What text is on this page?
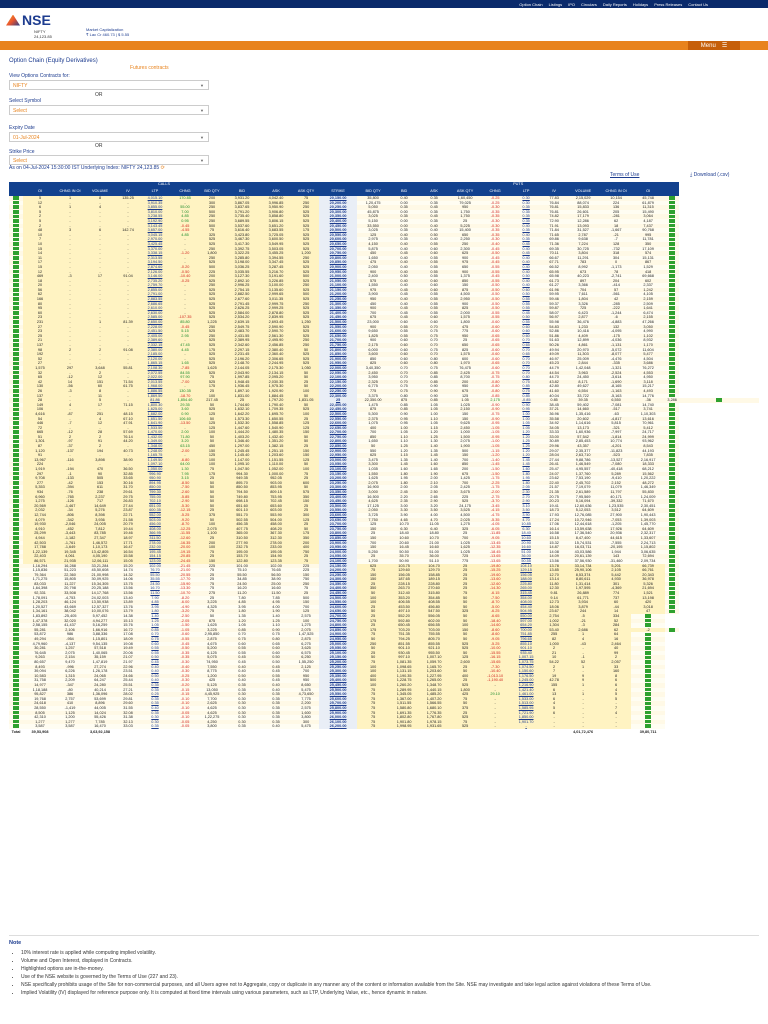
Option Chain Listings IPO Circulars Daily Reports Holidays Press Releases Contact Us
NSE
NIFTY
24,123.85
Market Capitalization
₹ Lac Cr 460.73 | $ 5.55
Menu ☰
Option Chain (Equity Derivatives)
Futures contracts
View Options Contracts for:
NIFTY	▼
OR
Select Symbol
Select	▼
Expiry Date
01-Jul-2024	▼
OR
Strike Price
Select	▼
As on 04-Jul-2024 15:30:00 IST Underlying Index: NIFTY 24,123.85 ⟳
Terms of Use	⤓ Download (.csv)
CALLS												PUTS											
	OI	CHNG IN OI	VOLUME	IV	LTP	CHNG	BID QTY	BID	ASK	ASK QTY	STRIKE	BID QTY	BID	ASK	ASK QTY	CHNG	LTP	IV	VOLUME	CHNG IN OI	OI		
	5	1	8	135.25	4,015.10	170.85	200	3,931.20	4,042.40	75	20,150.00	35,800	0.40	0.35	1,60,450	-0.25	0.30	77.83	2,15,029	10,154	45,748		
	12	-	-	-	3,910.35	-	300	3,867.05	3,996.85	250	20,200.00	1,20,475	0.00	0.35	79,025	-0.25	0.30	76.84	88,074	224	61,879		
	6	1	4	-	3,855.00	55.00	250	3,837.65	3,950.90	250	20,250.00	5,050	0.35	0.45	950	-0.30	0.35	76.81	15,833	136	11,315		
	5	-	-	-	3,810.00	7.00	500	3,791.20	3,906.80	525	20,300.00	45,875	0.00	0.35	1,750	-0.35	0.35	76.81	26,601	205	15,490		
	2	-	-	-	3,238.55	4.85	250	3,735.40	3,858.80	525	20,350.00	3,025	0.35	0.45	1,750	-0.35	0.35	74.82	17,179	-281	3,064		
	5	-	-	-	3,192.90	0.95	250	3,689.55	3,806.15	525	20,400.00	5,150	0.00	0.35	25	-0.30	0.35	72.90	12,286	62	4,187		
	2	-	-	-	3,143.45	-0.45	500	3,537.60	3,651.20	525	20,450.00	33,550	0.00	0.40	5,225	-0.30	0.40	71.91	13,093	18	7,437		
	48	3	6	142.74	3,657.00	-4.55	75	3,616.40	3,683.55	175	20,500.00	3,025	0.35	0.40	15,400	-0.35	0.35	71.84	31,527	-1,667	90,768		
	10	-	-	-	3,045.15	4.85	325	3,423.80	3,725.05	525	20,550.00	125	0.40	0.50	650	-0.35	0.40	71.65	2,787	-21	995		
	7	-	-	-	2,970.00	-	525	3,467.30	3,600.50	525	20,600.00	2,975	0.35	0.40	2,250	-0.30	0.35	69.86	9,638	-7	11,781		
	10	-	-	-	3,425.45	-	525	3,417.30	3,549.95	525	20,650.00	4,150	0.40	0.55	250	-0.40	0.45	71.36	7,224	128	350		
	15	-	-	-	3,370.00	-	250	3,392.75	3,503.05	525	20,700.00	5,875	0.40	0.60	2,300	-0.45	0.40	69.35	30,725	-732	17,109		
	14	-	-	-	3,338.15	-1.20	1,800	3,322.25	3,455.25	1,200	20,750.00	450	0.45	0.60	625	-0.50	0.45	70.11	3,804	318	574		
	11	-	-	-	2,313.55	-	250	3,285.80	3,394.55	250	20,800.00	1,650	0.40	0.55	900	-0.45	0.40	66.67	11,291	304	15,131		
	17	-	-	-	3,194.50	-	525	3,198.00	3,347.45	525	20,850.00	475	0.40	0.55	975	-0.45	0.40	67.71	783	0	867		
	15	-	-	-	2,874.60	-0.20	500	3,036.25	3,287.45	525	20,900.00	2,050	0.40	0.55	650	-0.55	0.40	66.52	8,992	-1,173	1,529		
	12	-	-	-	2,126.00	-0.50	225	3,035.55	3,216.70	525	20,950.00	900	0.40	0.55	900	-0.55	0.40	65.95	673	78	418		
	469	-3	17	91.04	3,146.00	-10.40	200	3,127.30	3,191.60	500	21,000.00	2,400	0.50	0.55	1,375	-0.45	0.50	65.98	40,223	-2,741	69,668		
	18	-	-	-	2,735.20	-0.25	525	2,892.10	3,226.85	525	21,050.00	575	0.40	0.60	850	-0.55	0.40	61.73	897	204	602		
	20	-	-	-	2,759.70	-	250	2,996.25	3,100.00	250	21,100.00	1,550	0.40	0.60	150	-0.50	0.40	61.27	3,366	-414	2,337		
	56	-	-	-	2,855.00	-	525	2,754.15	3,135.60	525	21,150.00	975	0.45	0.60	875	-0.50	0.60	61.96	704	57	1,242		
	62	-	-	-	2,791.00	-	525	2,882.50	2,999.65	500	21,200.00	3,900	0.45	0.55	4,500	-0.50	0.50	59.95	7,611	-561	4,105		
	166	-	-	-	2,883.55	-	525	2,677.60	3,011.35	525	21,250.00	950	0.40	0.55	2,950	-0.50	0.55	59.46	1,804	42	2,159		
	80	-	-	-	2,686.65	-	525	2,791.45	2,999.75	250	21,300.00	450	0.40	0.55	900	-0.50	0.55	59.37	3,326	-285	2,509		
	95	-	-	-	2,610.00	-	525	2,626.25	2,999.25	525	21,350.00	900	0.45	0.55	825	-0.50	0.55	59.87	725	-222	1,641		
	60	-	-	-	2,630.00	-	525	2,584.00	2,878.80	525	21,400.00	700	0.45	0.55	2,000	-0.55	0.45	58.07	6,423	-1,244	6,474		
	23	-	-	-	2,585.00	-107.35	525	2,534.20	2,839.95	525	21,450.00	675	0.45	0.60	1,575	-0.55	0.50	56.97	2,877	-6	2,155		
	231	-	1	81.39	2,650.00	85.80	1,225	2,639.15	2,693.45	1,250	21,500.00	23,000	0.60	0.60	1,800	-0.60	0.55	55.98	36,476	-4,883	47,266		
	27	-	-	-	2,228.00	-0.45	250	2,549.75	2,590.90	525	21,550.00	900	0.55	0.70	475	-0.60	0.60	54.83	1,233	132	3,050		
	23	-	-	-	2,451.50	5.15	525	2,483.70	2,590.70	525	21,600.00	9,650	0.55	0.75	775	-0.60	0.60	52.86	10,416	-4,095	4,990		
	25	-	-	-	2,405.00	2.95	250	2,431.55	2,561.30	525	21,650.00	1,825	0.55	0.75	950	-0.65	0.60	51.86	4,409	-175	1,102		
	21	-	-	-	2,389.60	-	525	2,389.95	2,495.90	250	21,700.00	900	0.60	0.70	25	-0.65	0.70	51.63	12,899	-4,036	8,932		
	137	-	-	-	2,332.15	47.45	525	2,342.60	2,456.85	250	21,750.00	2,175	0.60	0.70	650	-0.65	0.65	50.26	4,861	-1,131	1,170		
	98	2	2	91.08	2,380.00	4.45	175	2,297.15	2,380.40	50	21,800.00	6,000	0.60	0.75	825	-0.60	0.70	49.94	20,970	-5,072	11,604		
	192	-	-	-	2,185.00	-	525	2,231.45	2,360.40	525	21,850.00	3,600	0.60	0.70	1,575	-0.60	0.65	49.09	11,303	-8,077	5,477		
	52	-	-	-	2,120.00	-	525	2,196.20	2,306.65	525	21,900.00	850	0.60	0.80	600	-0.60	0.70	46.97	25,009	-4,476	4,504		
	27	-	-	-	1,865.15	1.65	525	2,148.70	2,244.95	525	21,950.00	825	0.60	0.80	1,970	-0.65	0.70	45.23	2,844	-335	3,686		
	1,575	297	3,648	55.81	2,108.30	-7.85	1,625	2,144.05	2,175.30	1,050	22,000.00	3,40,350	0.70	0.75	76,475	-0.60	0.70	44.79	1,42,048	-1,321	76,272		
	32	-	2	-	2,072.55	84.55	525	2,043.90	2,134.15	50	22,050.00	2,450	0.70	0.85	2,425	-0.75	0.70	44.54	3,963	-2,524	4,553		
	65	-12	12	-	2,022.00	97.90	75	1,997.85	2,095.20	50	22,100.00	3,950	0.70	0.85	8,700	-0.75	0.80	44.70	24,450	-3,614	4,950		
	42	14	151	71.54	2,013.55	-7.00	525	1,948.45	2,030.35	25	22,150.00	2,325	0.70	0.85	200	-0.80	0.75	43.82	8,171	-1,690	3,118		
	130	-56	60	61.75	1,968.00	-	175	1,936.45	1,975.30	50	22,200.00	6,775	0.75	0.90	950	-0.80	0.85	42.80	49,627	-8,165	15,217		
	26	-3	8	-	1,886.55	130.35	25	1,897.10	1,920.90	100	22,250.00	775	0.75	0.90	675	-0.80	0.75	41.60	6,554	-1,163	4,493		
	137	-	11	-	1,869.50	-18.70	100	1,831.00	1,884.45	50	22,300.00	3,375	0.80	0.90	125	-0.85	0.85	40.04	33,722	-5,163	14,776		
	28	-	5	-	81.86	1,854.40	217.45	25	1,797.20	1,831.05	25	22,350.00	875	0.85	1.05	2,175	-0.85	0.85	39.35	6,550	-36	3,286	
	149	4	17	71.15	1,800.30	29.35	50	1,744.60	1,790.40	50	22,400.00	1,475	0.85	1.05	1,025	-0.90	0.90	38.45	59,402	-7,081	14,740		
	106	-	-	-	1,625.00	3.60	525	1,632.10	1,709.35	525	22,450.00	875	0.85	1.05	2,150	-0.90	0.95	37.21	14,660	-517	3,741		
	4,616	-87	251	48.15	1,682.00	0.90	125	1,642.20	1,695.70	100	22,500.00	5,300	0.90	1.00	150	-0.75	1.00	36.96	1,35,416	-63	1,10,303		
	54	-	4	67.10	1,651.50	106.60	50	1,573.30	1,650.55	25	22,550.00	2,375	0.95	1.10	150	-0.90	1.00	35.58	20,602	-4,817	13,616		
	446	-7	12	47.91	1,641.90	-13.50	125	1,532.30	1,558.85	125	22,600.00	1,075	0.95	1.05	9,625	-0.95	1.05	34.92	1,14,616	5,815	70,961		
	72	-	-	-	1,533.50	-	125	1,447.60	1,540.90	125	22,650.00	400	1.00	1.15	2,450	-1.05	1.05	34.05	13,173	-321	5,412		
	665	-12	28	57.69	1,470.00	2.00	100	1,444.20	1,480.35	150	22,700.00	700	1.05	1.20	1,000	-1.05	1.20	33.33	1,60,936	-7,997	24,717		
	51	2	2	76.14	1,432.00	71.80	50	1,403.20	1,432.40	50	22,750.00	850	1.10	1.25	1,500	-0.95	1.20	33.00	57,542	-1,814	24,999		
	1,301	-97	91	44.20	1,349.00	3.20	50	1,346.40	1,351.20	50	22,800.00	1,650	1.10	1.30	2,075	-1.00	1.25	30.89	2,85,453	10,774	93,962		
	87	-37	2	-	1,348.00	63.15	450	1,297.00	1,382.15	25	22,850.00	50	1.25	1.40	1,900	-1.05	1.25	29.96	43,357	-4,201	8,543		
	1,120	-137	194	40.73	1,248.00	-2.00	150	1,245.45	1,251.15	150	22,900.00	550	1.20	1.35	500	-1.15	1.20	29.07	2,35,377	-11,823	44,193		
	91	-	-	-	1,165.75	-	125	1,145.40	1,203.60	150	22,950.00	625	1.15	1.45	150	-1.20	1.20	28.04	2,63,710	-523	7,835		
	13,967	-116	3,898	38.90	1,149.50	-6.80	100	1,147.00	1,151.55	125	23,000.00	3,475	1.35	1.40	700	-1.40	1.45	27.44	9,88,786	-13,527	2,16,917		
	224	-	-	-	1,097.10	64.00	100	1,095.10	1,110.00	50	23,050.00	3,300	1.45	1.60	850	-1.45	1.45	26.41	1,46,549	-7,080	18,333		
	1,919	-194	470	36.50	1,050.00	1.30	75	1,047.50	1,052.00	100	23,100.00	1,035	1.60	1.65	200	-1.50	1.60	25.47	4,95,557	-40,418	68,212		
	297	-1	90	32.85	996.90	7.95	175	994.30	1,000.00	75	23,150.00	1,550	1.80	1.90	675	-1.50	1.80	24.07	1,37,760	5,289	15,562		
	9,708	-133	505	33.65	950.90	3.15	25	949.35	952.05	25	23,200.00	1,625	1.95	2.00	1,425	-1.75	1.95	23.62	7,53,190	-9,410	1,20,222		
	277	-42	153	30.16	894.95	-8.50	50	895.70	903.00	600	23,250.00	2,075	1.80	2.10	700	-2.25	1.80	22.40	2,45,702	2,152	48,272		
	5,353	-394	611	31.70	850.00	-7.50	50	850.50	853.95	50	23,300.00	16,900	2.00	2.05	2,425	-1.75	2.05	21.57	7,19,079	11,079	1,46,349		
	934	-76	238	29.61	799.30	-2.60	50	794.50	809.15	575	23,350.00	3,000	2.45	2.50	3,675	-2.00	2.30	21.35	2,61,589	11,797	55,830		
	6,960	-765	2,237	29.75	755.00	-5.85	50	749.80	753.95	350	23,400.00	16,500	2.20	2.65	225	-2.75	2.70	20.75	7,95,569	40,171	1,24,009		
	1,275	-126	717	26.83	702.10	-2.90	50	698.15	702.45	150	23,450.00	4,625	2.35	2.90	525	-3.70	2.90	20.23	5,16,094	-39,332	71,670		
	20,569	-1,467	14,649	27.44	651.00	-5.30	50	651.60	653.60	25	23,500.00	17,125	3.00	3.20	24,175	-3.45	3.10	19.41	12,60,636	1,23,535	2,30,451		
	2,032	-34	5,276	23.87	600.35	-12.15	25	601.10	603.00	25	23,550.00	2,050	3.30	3.50	3,525	-4.15	3.50	18.73	5,12,053	3,512	64,609		
	12,744	-806	8,398	22.71	552.00	-5.25	375	551.70	553.90	300	23,600.00	3,725	3.90	4.00	4,500	-4.75	3.90	17.93	12,76,085	27,900	1,90,443		
	4,079	-342	3,936	21.58	503.00	-9.20	50	502.55	504.00	125	23,650.00	7,750	4.65	4.70	2,025	-5.35	4.70	17.24	10,72,946	-7,053	1,39,003		
	19,930	-2,046	24,005	20.79	456.00	-8.70	100	456.35	458.00	25	23,700.00	125	10.70	11.05	1,275	-4.05	10.85	17.06	12,44,618	-1,205	1,45,770		
	4,910	-452	7,812	19.44	408.00	-12.25	2,075	407.75	408.20	50	23,750.00	150	6.30	6.40	325	-6.05	6.30	16.14	13,59,638	17,926	64,609		
	25,299	-3,443	83,785	19.46	366.95	-11.55	1,100	365.00	367.30	175	23,800.00	25	18.40	18.80	25	-11.85	18.40	16.58	17,36,540	20,936	2,32,317		
	4,944	-1,182	27,347	18.97	311.50	-12.60	25	310.50	312.30	350	23,850.00	150	10.60	10.70	700	-9.05	10.60	15.15	8,47,400	44,615	1,33,607		
	42,503	-1,761	1,46,572	17.71	278.00	-16.35	200	277.90	278.00	200	23,900.00	700	20.60	21.00	1,025	-13.45	20.90	15.32	15,74,531	-7,555	2,24,713		
	17,788	-1,649	1,10,173	16.47	232.00	-20.00	100	232.75	233.00	400	23,950.00	150	16.45	16.60	1,625	-12.35	16.60	14.87	16,03,711	-20,195	1,15,802		
	1,22,139	19,345	13,42,805	16.54	195.45	-19.15	75	195.00	195.05	750	24,000.00	5,250	50.50	51.00	1,025	-18.45	51.00	14.08	43,03,586	1,944	3,06,635		
	22,403	4,061	4,05,190	15.58	154.15	-20.85	25	153.70	154.90	25	24,050.00	25	35.70	36.00	725	-13.65	36.00	14.09	20,61,139	143	72,694		
	86,571	21,935	12,06,111	15.05	123.00	-24.45	150	122.80	123.35	75	24,100.00	1,700	50.90	51.10	775	-13.65	50.55	13.56	37,56,930	-31,460	2,09,734		
	1,16,294	16,288	33,21,284	15.20	102.00	-21.45	225	101.00	102.00	225	24,150.00	625	103.75	104.70	25	-19.80	104.10	13.78	33,14,734	5,201	66,739		
	1,15,836	51,223	45,50,608	14.74	76.70	-21.00	75	75.10	76.65	225	24,200.00	75	129.60	129.70	25	-15.25	129.15	13.85	25,90,106	2,105	66,761		
	79,364	22,360	21,00,998	14.32	55.50	-20.55	25	55.50	56.50	150	24,250.00	150	156.05	158.85	25	-19.60	156.05	12.70	8,53,374	5,442	20,343		
	1,71,275	15,805	30,09,925	14.06	35.55	-17.70	25	34.85	38.90	750	24,300.00	150	187.65	189.15	25	-13.60	188.00	13.14	8,80,611	4,930	36,978		
	83,033	11,227	15,34,305	13.75	24.50	-15.90	75	24.50	25.00	250	24,350.00	25	228.15	228.80	25	-12.60	225.80	11.80	1,31,414	301	5,326		
	1,64,398	20,798	20,25,188	13.56	16.70	-13.30	75	16.20	16.60	75	24,400.00	350	263.70	270.60	25	-14.30	265.00	12.30	1,97,595	-4,369	21,694		
	92,331	33,508	14,17,768	13.56	11.50	-10.70	275	11.20	11.50	25	24,450.00	50	312.40	315.80	75	-6.15	315.45	9.81	26,889	774	1,521		
	1,78,091	-4,753	24,02,003	13.40	7.90	-8.20	25	7.80	7.85	500	24,500.00	100	353.20	354.85	50	-7.50	354.00	9.14	61,771	737	13,198		
	1,28,203	46,124	13,50,938	13.89	4.85	-6.00	3,225	4.85	4.95	150	24,550.00	100	406.55	408.55	50	-8.70	408.00	12.73	3,934	60	420		
	1,20,527	43,669	12,57,327	13.76	3.95	-4.90	4,325	3.95	4.00	700	24,600.00	25	453.50	456.80	50	-5.00	454.40	18.06	3,879	-44	3,018		
	1,34,161	38,042	10,00,076	13.79	1.80	-3.20	75	1.80	1.90	125	24,650.00	50	497.10	547.50	325	-6.25	504.95	23.67	244	14	47		
	1,83,892	-25,405	5,97,452	14.38	1.40	-2.50	50	1.35	1.40	2,575	24,700.00	25	552.20	556.05	50	-6.65	550.00	2,754	-5	334			
	1,47,378	32,020	4,94,277	15.13	1.25	-2.05	875	1.20	1.25	100	24,750.00	175	592.80	602.00	50	-18.40	597.00	1,002	-21	52			
	2,58,155	41,437	5,16,259	15.76	1.05	-1.50	1,625	1.05	1.10	1,275	24,800.00	25	650.45	656.55	100	-14.60	654.20	1,304	-3	284			
	55,281	2,106	1,66,916	16.72	0.85	-1.05	3,225	0.85	0.90	2,075	24,850.00	175	703.20	703.00	150	-8.60	700.00	53.40	2,686	62	-2		
	53,872	986	3,88,336	17.08	0.70	-0.60	2,95,850	0.70	0.75	1,47,525	24,900.00	75	751.35	755.55	50	-8.60	751.85	255	1	64			
	49,294	-954	1,15,801	18.09	0.75	-0.55	2,875	0.75	0.80	2,875	24,950.00	50	794.25	805.70	50	-9.05	796.65	82	4	16			
	4,79,960	-4,137	9,54,135	19.08	0.60	-0.45	4,675	0.60	0.65	6,275	25,000.00	250	851.55	855.55	525	-5.25	855.10	1,000	-43	2,464			
	30,281	1,257	57,518	19.49	0.55	-0.50	5,200	0.55	0.60	3,625	25,050.00	50	901.10	921.10	525	-10.00	901.10	2	-	40			
	76,645	2,075	1,40,065	20.06	0.55	-0.35	6,125	0.55	0.60	6,575	25,100.00	25	930.45	955.50	50	-15.55	935.40	21	-	99			
	9,263	2,154	35,159	21.07	0.50	-0.35	5,075	0.45	0.50	6,250	25,150.00	50	997.10	1,007.10	125	-16.15	1,007.15	10	-1	2			
	80,657	9,470	1,47,819	21.97	0.45	-0.30	74,950	0.45	0.50	1,55,250	25,200.00	75	1,081.35	1,059.70	2,600	-15.65	1,073.75	54.22	52	2,057			
	8,493	-996	27,274	22.96	0.40	-0.40	7,550	0.40	0.45	2,125	25,250.00	100	1,098.65	1,165.70	25	-7.30	1,074.50	2	1	33			
	39,094	6,226	1,26,178	23.51	0.40	-0.30	8,775	0.40	0.45	700	25,300.00	100	1,131.15	1,203.60	50	-10.40	1,150.60	7	-	160			
	10,583	1,315	24,065	24.66	0.50	-0.25	1,200	0.50	0.55	950	25,350.00	400	1,190.35	1,227.95	400	-1,013.10	1,176.50	19	9	8			
	31,758	2,209	64,247	25.44	0.40	-0.30	425	0.40	0.45	950	25,400.00	500	1,228.75	1,265.00	25	-1,190.40	1,245.00	42.78	9	6			
	14,977	-347	24,280	25.51	0.35	-0.20	5,125	0.35	0.40	8,650	25,450.00	100	1,260.20	1,348.70	525	-	1,216.90	155	1	6			
	1,18,188	-80	40,214	27.21	0.35	-0.15	13,050	0.35	0.40	5,475	25,500.00	75	1,289.95	1,440.15	1,800	-	1,421.40	6	-	4			
	95,827	386	1,36,096	28.02	0.25	-0.15	4,45,925	0.30	0.35	4,73,650	25,550.00	75	1,345.05	1,485.20	425	29.10	1,461.00	13	1	5			
	19,768	2,757	53,699	29.81	0.35	-0.10	7,700	0.30	0.35	7,775	25,600.00	75	1,367.00	1,407.20	75	-	1,533.00	6	-	5			
	24,618	410	8,896	29.60	0.35	-0.10	2,625	0.30	0.35	2,200	25,700.00	75	1,511.55	1,566.55	50	-	1,513.00	4	-	-			
	28,550	-1,419	44,005	31.55	0.40	-0.10	4,625	0.30	0.35	2,575	25,800.00	75	1,580.80	1,680.10	375	-	1,585.95	5	-	7			
	8,505	1,125	14,024	32.08	0.35	-0.05	4,625	0.30	0.35	1,600	25,900.00	75	1,691.35	1,776.35	25	-	1,721.90	6	-	4			
	42,310	1,200	55,426	31.38	0.30	-0.10	1,22,275	0.30	0.35	3,800	26,000.00	75	1,802.80	1,767.80	525	-	1,850.00	-	-	-			
	1,277	1,277	7,785	32.13	0.30	-0.05	4,250	0.30	0.35	300	26,100.00	75	1,901.80	1,978.15	75	-	1,901.70	-	-	-			
	3,587	3,587	16,470	33.03	0.35	-0.05	3,800	0.35	0.40	5,475	26,200.00	75	1,998.95	1,931.65	525	-	-	-	-	-			
Total	39,53,908		3,63,92,158																4,01,72,476		39,80,711		
Note
• 10% interest rate is applied while computing implied volatility.
• Volume and Open Interest, displayed in Contracts.
• Highlighted options are in-the-money.
• Use of the NSE website is governed by the Terms of Use (227 and 23).
• NSE specifically prohibits usage of the Site for non-commercial purposes, and all Users agree not to Aggregate, copy or duplicate in any manner any of the content or information available from the Site. NSE may investigate and take legal action against violations of these Terms of Use.
• Implied Volatility (IV) displayed for reference purpose only. It is computed at fixed time intervals using various parameters, such as LTP, Underlying Value, etc., hence dynamic in nature.
